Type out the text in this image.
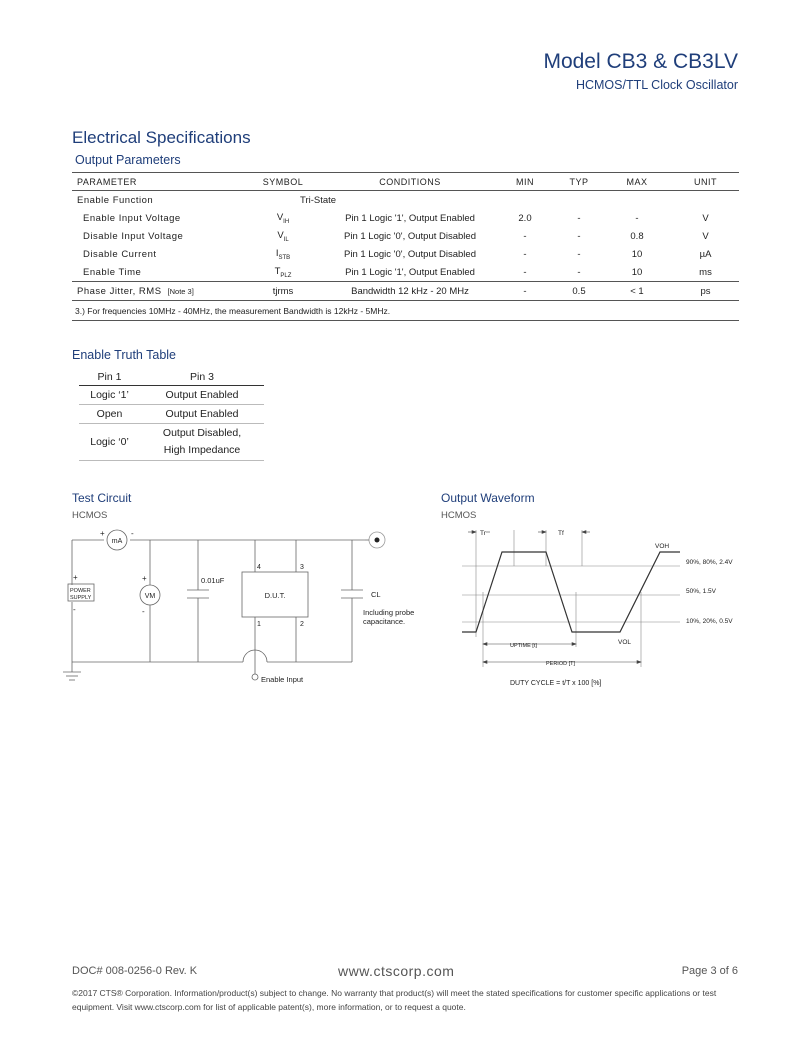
Model CB3 & CB3LV
HCMOS/TTL Clock Oscillator
Electrical Specifications
Output Parameters
PARAMETER	SYMBOL	CONDITIONS	MIN	TYP	MAX	UNIT
Enable Function	Tri-State					
Enable Input Voltage	$V_{IH}$	Pin 1 Logic '1', Output Enabled	2.0	-	-	V
Disable Input Voltage	$V_{IL}$	Pin 1 Logic '0', Output Disabled	-	-	0.8	V
Disable Current	$I_{STB}$	Pin 1 Logic '0', Output Disabled	-	-	10	µA
Enable Time	$T_{PLZ}$	Pin 1 Logic '1', Output Enabled	-	-	10	ms
Phase Jitter, RMS [Note 3]	tjrms	Bandwidth 12 kHz - 20 MHz	-	0.5	< 1	ps
3.) For frequencies 10MHz - 40MHz, the measurement Bandwidth is 12kHz - 5MHz.						
Enable Truth Table
Pin 1	Pin 3
Logic ‘1’	Output Enabled
Open	Output Enabled
Logic ‘0’	Output Disabled,
High Impedance
Test Circuit
HCMOS
mA
+	-
VM
+
-
+
-
POWER
SUPPLY
0.01uF
D.U.T.
4	3
1	2
CL
Including probe
capacitance.
Enable Input
Output Waveform
HCMOS
Tr	Tf
VOH
VOL
90%, 80%, 2.4V
50%, 1.5V
10%, 20%, 0.5V
UPTIME [t]
PERIOD [T]
DUTY CYCLE = t/T x 100 [%]
DOC# 008-0256-0 Rev. K	www.ctscorp.com	Page 3 of 6
©2017 CTS® Corporation. Information/product(s) subject to change. No warranty that product(s) will meet the stated specifications for customer specific applications or test equipment. Visit www.ctscorp.com for list of applicable patent(s), more information, or to request a quote.
